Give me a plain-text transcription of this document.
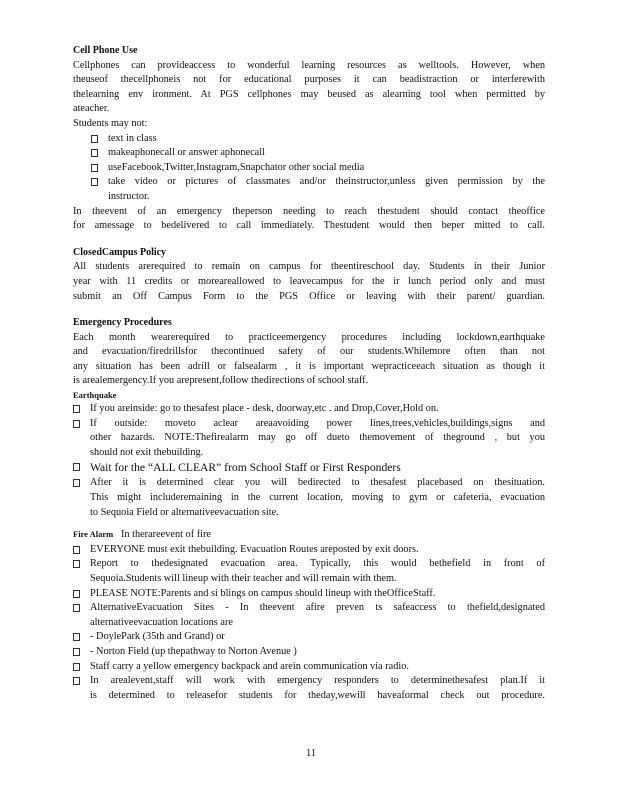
Cell Phone Use
Cellphones can provideaccess to wonderful learning resources as welltools. However, when
theuseof thecellphoneis not for educational purposes it can beadistraction or interferewith
thelearning env ironment. At PGS cellphones may beused as alearning tool when permitted by
ateacher.
Students may not:
text in class
makeaphonecall or answer aphonecall
useFacebook,Twitter,Instagram,Snapchator other social media
take video or pictures of classmates and/or theinstructor,unless given permission by the
instructor.
In theevent of an emergency theperson needing to reach thestudent should contact theoffice
for amessage to bedelivered to call immediately. Thestudent would then beper mitted to call.
ClosedCampus Policy
All students arerequired to remain on campus for theentireschool day. Students in their Junior
year with 11 credits or moreareallowed to leavecampus for the ir lunch period only and must
submit an Off Campus Form to the PGS Office or leaving with their parent/ guardian.
Emergency Procedures
Each month wearerequired to practiceemergency procedures including lockdown,earthquake
and evacuation/firedrillsfor thecontinued safety of our students.Whilemore often than not
any situation has been adrill or falsealarm , it is important wepracticeeach situation as though it
is arealemergency.If you arepresent,follow thedirections of school staff.
Earthquake
If you areinside: go to thesafest place - desk, doorway,etc . and Drop,Cover,Hold on.
If outside: moveto aclear areaavoiding power lines,trees,vehicles,buildings,signs and
other hazards. NOTE:Thefirealarm may go off dueto themovement of theground , but you
should not exit thebuilding.
Wait for the “ALL CLEAR” from School Staff or First Responders
After it is determined clear you will bedirected to thesafest placebased on thesituation.
This might includeremaining in the current location, moving to gym or cafeteria, evacuation
to Sequoia Field or alternativeevacuation site.
Fire Alarm In therareevent of fire
EVERYONE must exit thebuilding. Evacuation Routes areposted by exit doors.
Report to thedesignated evacuation area. Typically, this would bethefield in front of
Sequoia.Students will lineup with their teacher and will remain with them.
PLEASE NOTE:Parents and si blings on campus should lineup with theOfficeStaff.
AlternativeEvacuation Sites - In theevent afire preven ts safeaccess to thefield,designated
alternativeevacuation locations are
- DoylePark (35th and Grand) or
- Norton Field (up thepathway to Norton Avenue )
Staff carry a yellow emergency backpack and arein communication via radio.
In arealevent,staff will work with emergency responders to determinethesafest plan.If it
is determined to releasefor students for theday,wewill haveaformal check out procedure.
11
